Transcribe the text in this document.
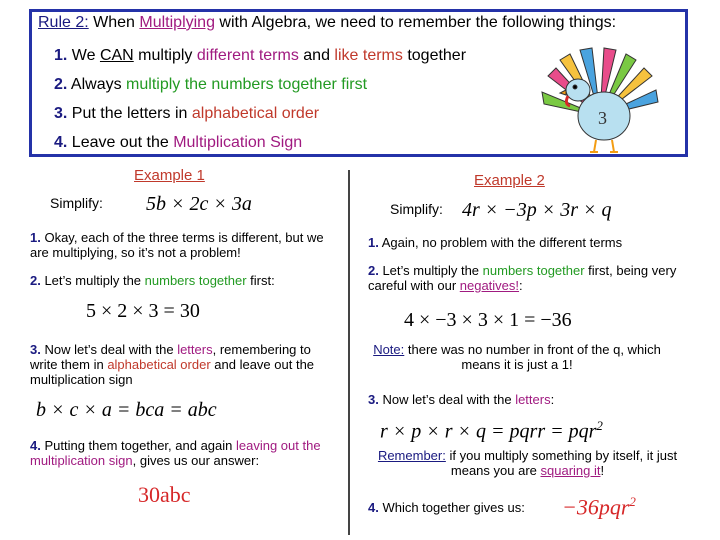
Rule 2: When Multiplying with Algebra, we need to remember the following things:
1. We CAN multiply different terms and like terms together
2. Always multiply the numbers together first
3. Put the letters in alphabetical order
4. Leave out the Multiplication Sign
3
Example 1
Simplify: 5b × 2c × 3a
1. Okay, each of the three terms is different, but we are multiplying, so it’s not a problem!
2. Let’s multiply the numbers together first:
5 × 2 × 3 = 30
3. Now let’s deal with the letters, remembering to write them in alphabetical order and leave out the multiplication sign
b × c × a = bca = abc
4. Putting them together, and again leaving out the multiplication sign, gives us our answer:
30abc
Example 2
Simplify: 4r × −3p × 3r × q
1. Again, no problem with the different terms
2. Let’s multiply the numbers together first, being very careful with our negatives!:
4 × −3 × 3 × 1 = −36
Note: there was no number in front of the q, which means it is just a 1!
3. Now let’s deal with the letters:
r × p × r × q = pqrr = pqr$^2$
Remember: if you multiply something by itself, it just means you are squaring it!
4. Which together gives us: −36pqr$^2$
